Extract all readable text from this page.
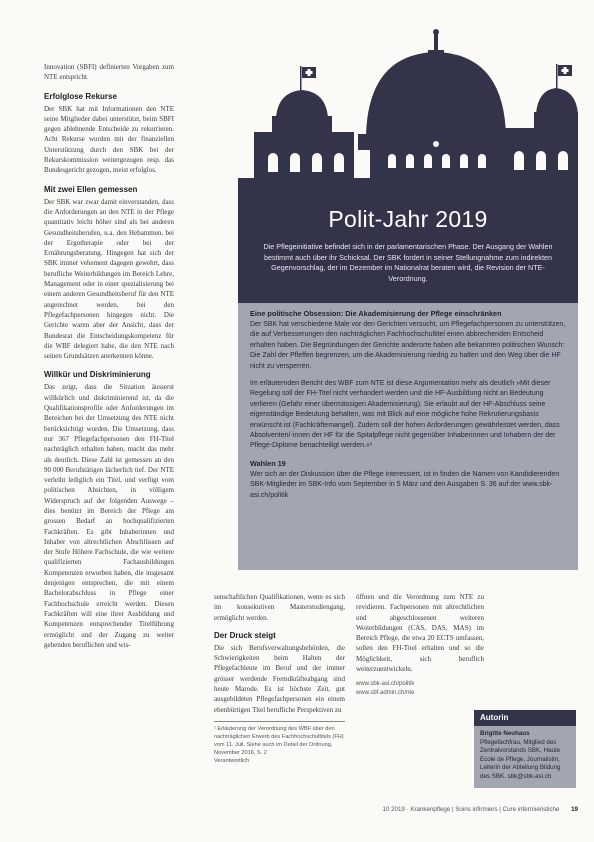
Innovation (SBFI) definierten Vorgaben zum NTE entspricht.

Erfolglose Rekurse

Der SBK hat mit Informationen den NTE seine Mitglieder dabei unterstützt, beim SBFI gegen ablehnende Entscheide zu rekurrieren. Acht Rekurse wurden mit der finanziellen Unterstützung durch den SBK bei der Rekurskommission weitergezogen resp. das Bundesgericht gezogen, meist erfolglos.

Mit zwei Ellen gemessen

Der SBK war zwar damit einverstanden, dass die Anforderungen an den NTE in der Pflege quantitativ leicht höher sind als bei anderen Gesundheitsberufen, u.a. den Hebammen, bei der Ergotherapie oder bei der Ernährungsberatung. Hingegen hat sich der SBK immer vehement dagegen gewehrt, dass berufliche Weiterbildungen im Bereich Lehre, Management oder in einer spezialisierung bei einem anderen Gesundheitsberuf für den NTE angerechnet werden, bei den Pflegefachpersonen hingegen nicht. Die Gerichte waren aber der Ansicht, dass der Bundesrat die Entscheidungskompetenz für die WBF delegiert habe, die den NTE nach seinen Grundsätzen anerkennen könne.

Willkür und Diskriminierung

Das zeigt, dass die Situation äusserst willkürlich und diskriminierend ist, da die Qualifikationsprofile oder Anforderungen im Bereichen bei der Umsetzung des NTE nicht berücksichtigt wurden. Die Umsetzung, dass nur 367 Pflegefachpersonen den FH-Titel nachträglich erhalten haben, macht das mehr als deutlich. Diese Zahl ist gemessen an den 90 000 Berufstätigen lächerlich tief. Der NTE verleiht lediglich ein Titel, und verfügt vom politischen Absichten, in völligem Widerspruch auf der folgenden Auswege –dies benützt im Bereich der Pflege am grossen Bedarf an hochqualifizierten Fachkräften. Es gibt Inhaberinnen und Inhaber von altrechtlichen Abschlüssen auf der Stufe Höhere Fachschule, die wie weitere qualifizierten Fachausbildungen Kompetenzen erworben haben, die insgesamt denjenigen entsprechen, die mit einem Bachelorabschluss in Pflege einer Fachhochschule erreicht werden. Diesen Fachkräften will eine ihrer Ausbildung und Kompetenzen entsprechender Titelführung ermöglicht und der Zugang zu weiter gehenden beruflichen und wis-

Polit-Jahr 2019
Die Pflegeinitiative befindet sich in der parlamentarischen Phase. Der Ausgang der Wahlen bestimmt auch über ihr Schicksal. Der SBK fordert in seiner Stellungnahme zum indirekten Gegenvorschlag, der im Dezember im Nationalrat beraten wird, die Revision der NTE-Verordnung.
Eine politische Obsession: Die Akademisierung der Pflege einschränken

Der SBK hat verschiedene Male vor den Gerichten versucht, um Pflegefachpersonen zu unterstützen, die auf Verbesserungen den nachträglichen Fachhochschultitel einen abbrechenden Entscheid erhalten haben. Die Begründungen der Gerichte anderorte haben alle bekannten politischen Wunsch: Die Zahl der Pfleffen begrenzen, um die Akademisierung niedrig zu halten und den Weg über die HF nicht zu versperren.

Im erläuternden Bericht des WBF zum NTE ist diese Argumentation mehr als deutlich »Mit dieser Regelung soll der FH-Titel nicht verhandert werden und die HF-Ausbildung nicht an Bedeutung verlieren (Gefahr einer übermässigen Akademisierung). Sie erlaubt auf der HF-Abschluss seine eigenständige Bedeutung behalten, was mit Blick auf eine mögliche hohe Rekrutierungsbasis erwünscht ist (Fachkräftemangel). Zudem soll der hohen Anforderungen gewährleistet werden, dass Absolventen/-innen der HF für die Spitalpflege nicht gegenüber Inhaberinnen und Inhabern der der Pflege-Diplome benachteiligt werden.«¹

Wahlen 19

Wer sich an der Diskussion über die Pflege interessiert, ist in finden die Namen von Kandidierenden SBK-Mitglieder im SBK-Info vom September in 5 März und den Ausgaben S. 36 auf der www.sbk-asi.ch/politik

senschaftlichen Qualifikationen, wenn es sich im konsekutiven Masterstudiengang, ermöglicht werden.

Der Druck steigt

Die sich Berufsverwaltungsbehörden, die Schwierigkeiten beim Halten der Pflegefachleute im Beruf und der immer grösser werdende Fremdkräfteabgang sind heute Marode. Es ist höchste Zeit, gut ausgebildeten Pflegefachpersonen ein einem ebenbürtigen Titel berufliche Perspektiven zu

¹ Erläuterung der Verordnung des WBF über den nachträglichen Erwerb des Fachhochschultitels (FH) vom 11. Juli. Siehe auch im Detail der Ordnung, November 2016, S. 2
Verantwortlich

öffnen und die Verordnung zum NTE zu revidieren. Fachpersonen mit altrechtlichen und abgeschlossenen weiteren Weiterbildungen (CAS, DAS, MAS) im Bereich Pflege, die etwa 20 ECTS umfassen, sollen den FH-Titel erhalten und so die Möglichkeit, sich beruflich weiterzuentwickeln.

www.sbk-asi.ch/politik
www.sbf.admin.ch/nte
Autorin
Brigitte Neuhaus Pflegefachfrau, Mitglied des Zentralvorstands SBK, Haute Ecole de Pflege, Journalistin, Leiterin der Abteilung Bildung des SBK. sbk@sbk-asi.ch
10 2019 · Krankenpflege | Soins infirmiers | Cure infermieristiche 19
